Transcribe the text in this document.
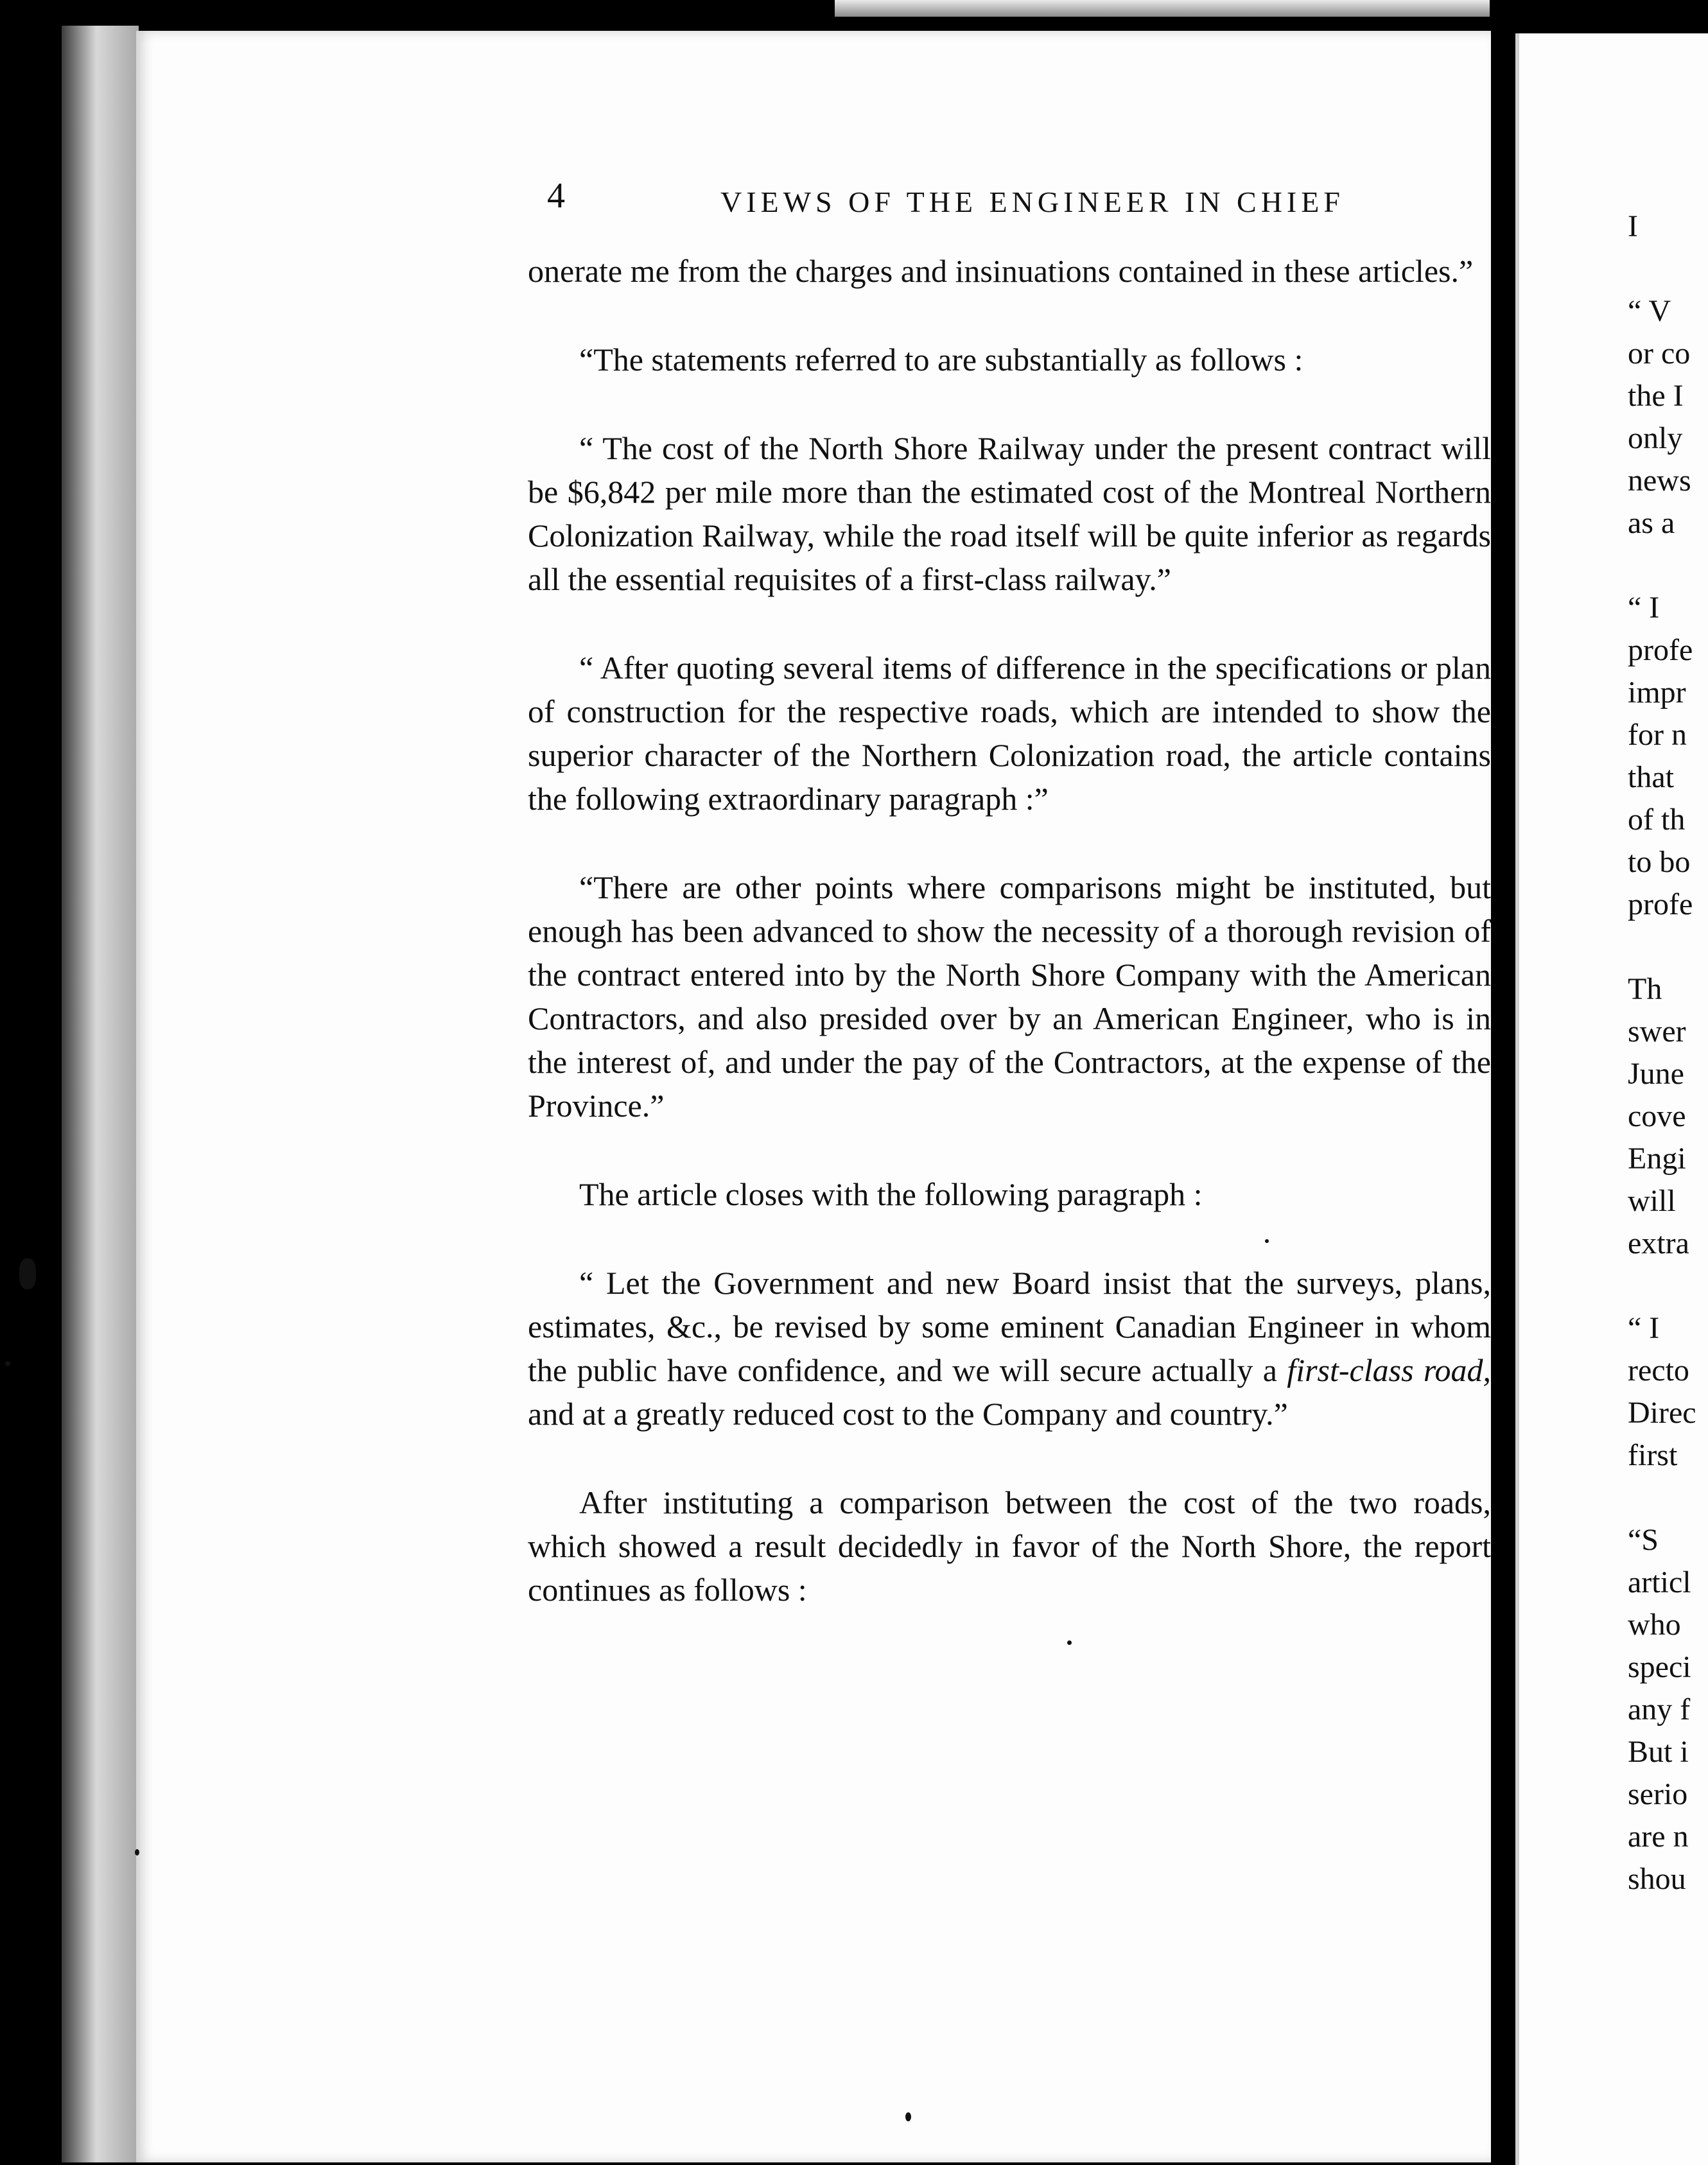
4	VIEWS OF THE ENGINEER IN CHIEF

onerate me from the charges and insinuations contained in these articles.”

“The statements referred to are substantially as follows :

“ The cost of the North Shore Railway under the present contract will be $6,842 per mile more than the estimated cost of the Montreal Northern Colonization Railway, while the road itself will be quite inferior as regards all the essential requisites of a first-class railway.”

“ After quoting several items of difference in the specifications or plan of construction for the respective roads, which are intended to show the superior character of the Northern Colonization road, the article contains the following extraordinary paragraph :”

“There are other points where comparisons might be instituted, but enough has been advanced to show the necessity of a thorough revision of the contract entered into by the North Shore Company with the American Contractors, and also presided over by an American Engineer, who is in the interest of, and under the pay of the Contractors, at the expense of the Province.”

The article closes with the following paragraph :

“ Let the Government and new Board insist that the surveys, plans, estimates, &c., be revised by some eminent Canadian Engineer in whom the public have confidence, and we will secure actually a first-class road, and at a greatly reduced cost to the Company and country.”

After instituting a comparison between the cost of the two roads, which showed a result decidedly in favor of the North Shore, the report continues as follows :

I

“ V
or co
the I
only
news
as a

“ I
profe
impr
for n
that
of th
to bo
profe

Th
swer
June
cove
Engi
will
extra

“ I
recto
Direc
first

“S
articl
who
speci
any f
But i
serio
are n
shou
